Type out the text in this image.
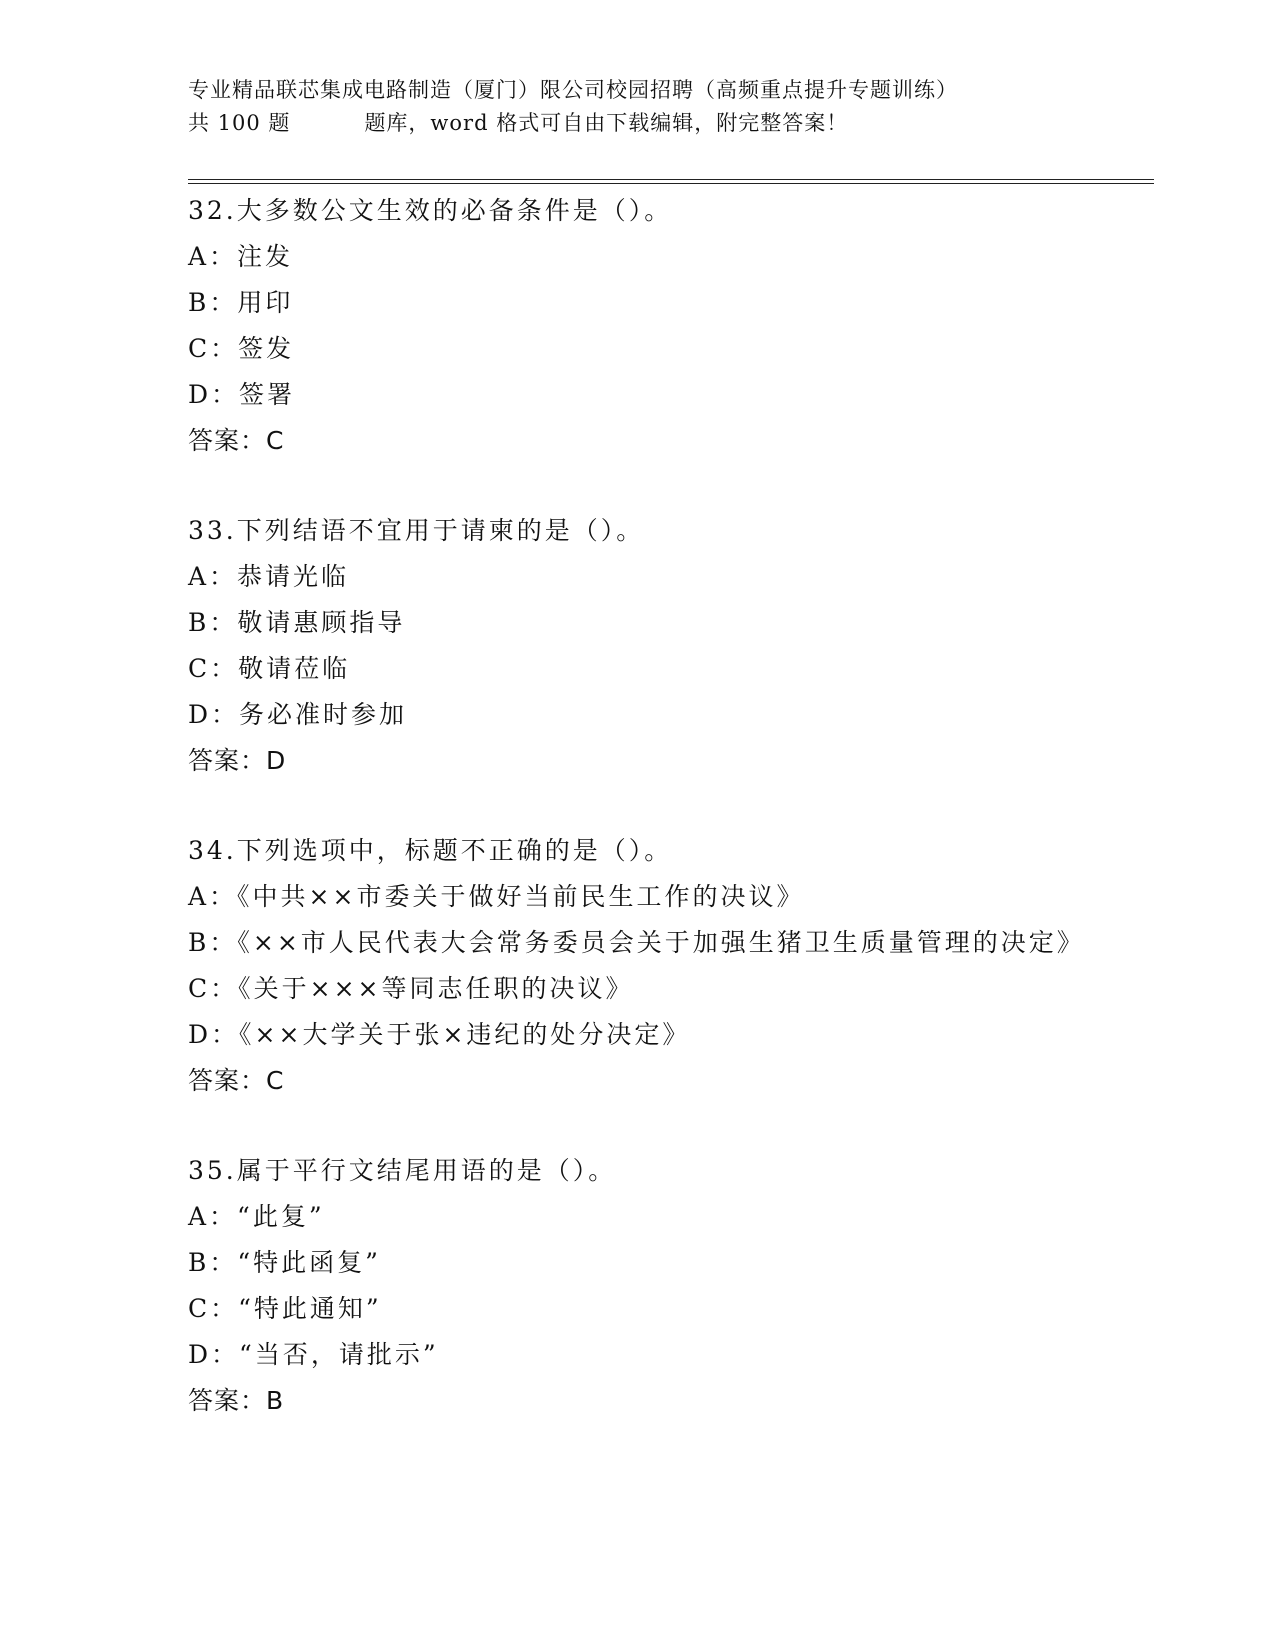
专业精品联芯集成电路制造（厦门）限公司校园招聘（高频重点提升专题训练）
共 100 题	题库，word 格式可自由下载编辑，附完整答案！
32.大多数公文生效的必备条件是（）。
A：注发
B：用印
C：签发
D：签署
答案：C
33.下列结语不宜用于请柬的是（）。
A：恭请光临
B：敬请惠顾指导
C：敬请莅临
D：务必准时参加
答案：D
34.下列选项中，标题不正确的是（）。
A：《中共××市委关于做好当前民生工作的决议》
B：《××市人民代表大会常务委员会关于加强生猪卫生质量管理的决定》
C：《关于×××等同志任职的决议》
D：《××大学关于张×违纪的处分决定》
答案：C
35.属于平行文结尾用语的是（）。
A：“此复”
B：“特此函复”
C：“特此通知”
D：“当否，请批示”
答案：B
